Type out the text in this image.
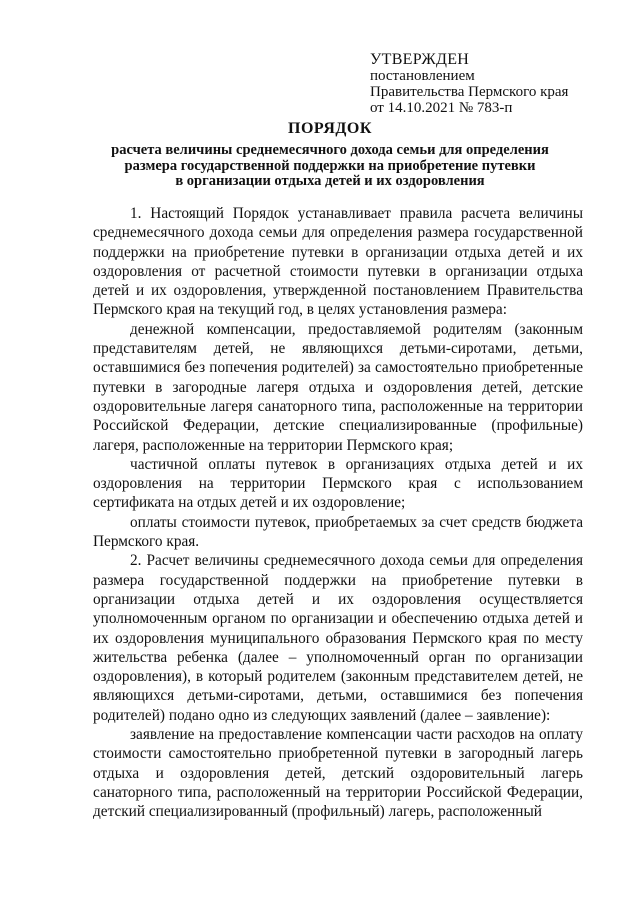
УТВЕРЖДЕН
постановлением
Правительства Пермского края
от 14.10.2021 № 783-п
ПОРЯДОК
расчета величины среднемесячного дохода семьи для определения
размера государственной поддержки на приобретение путевки
в организации отдыха детей и их оздоровления

1. Настоящий Порядок устанавливает правила расчета величины среднемесячного дохода семьи для определения размера государственной поддержки на приобретение путевки в организации отдыха детей и их оздоровления от расчетной стоимости путевки в организации отдыха детей и их оздоровления, утвержденной постановлением Правительства Пермского края на текущий год, в целях установления размера:

денежной компенсации, предоставляемой родителям (законным представителям детей, не являющихся детьми-сиротами, детьми, оставшимися без попечения родителей) за самостоятельно приобретенные путевки в загородные лагеря отдыха и оздоровления детей, детские оздоровительные лагеря санаторного типа, расположенные на территории Российской Федерации, детские специализированные (профильные) лагеря, расположенные на территории Пермского края;

частичной оплаты путевок в организациях отдыха детей и их оздоровления на территории Пермского края с использованием сертификата на отдых детей и их оздоровление;

оплаты стоимости путевок, приобретаемых за счет средств бюджета Пермского края.

2. Расчет величины среднемесячного дохода семьи для определения размера государственной поддержки на приобретение путевки в организации отдыха детей и их оздоровления осуществляется уполномоченным органом по организации и обеспечению отдыха детей и их оздоровления муниципального образования Пермского края по месту жительства ребенка (далее – уполномоченный орган по организации оздоровления), в который родителем (законным представителем детей, не являющихся детьми-сиротами, детьми, оставшимися без попечения родителей) подано одно из следующих заявлений (далее – заявление):

заявление на предоставление компенсации части расходов на оплату стоимости самостоятельно приобретенной путевки в загородный лагерь отдыха и оздоровления детей, детский оздоровительный лагерь санаторного типа, расположенный на территории Российской Федерации, детский специализированный (профильный) лагерь, расположенный
